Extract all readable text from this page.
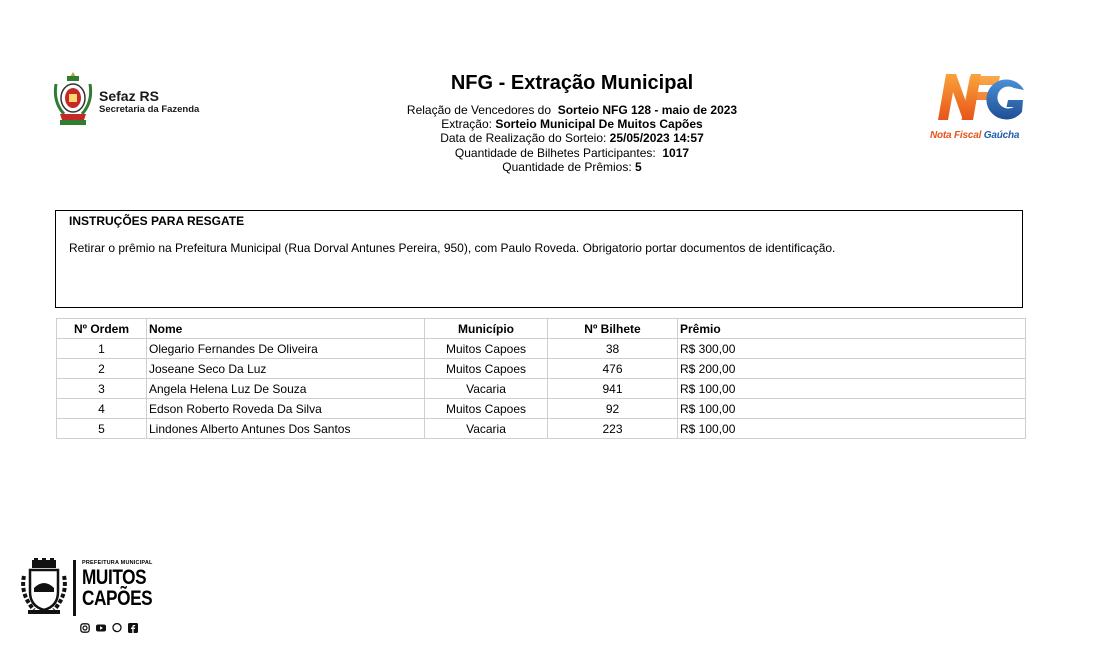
Sefaz RS
Secretaria da Fazenda
NFG - Extração Municipal
Relação de Vencedores do Sorteio NFG 128 - maio de 2023
Extração: Sorteio Municipal De Muitos Capões
Data de Realização do Sorteio: 25/05/2023 14:57
Quantidade de Bilhetes Participantes: 1017
Quantidade de Prêmios: 5
Nota Fiscal Gaúcha
INSTRUÇÕES PARA RESGATE
Retirar o prêmio na Prefeitura Municipal (Rua Dorval Antunes Pereira, 950), com Paulo Roveda. Obrigatorio portar documentos de identificação.
Nº Ordem	Nome	Município	Nº Bilhete	Prêmio
1	Olegario Fernandes De Oliveira	Muitos Capoes	38	R$ 300,00
2	Joseane Seco Da Luz	Muitos Capoes	476	R$ 200,00
3	Angela Helena Luz De Souza	Vacaria	941	R$ 100,00
4	Edson Roberto Roveda Da Silva	Muitos Capoes	92	R$ 100,00
5	Lindones Alberto Antunes Dos Santos	Vacaria	223	R$ 100,00
PREFEITURA MUNICIPAL
MUITOS
CAPÕES
